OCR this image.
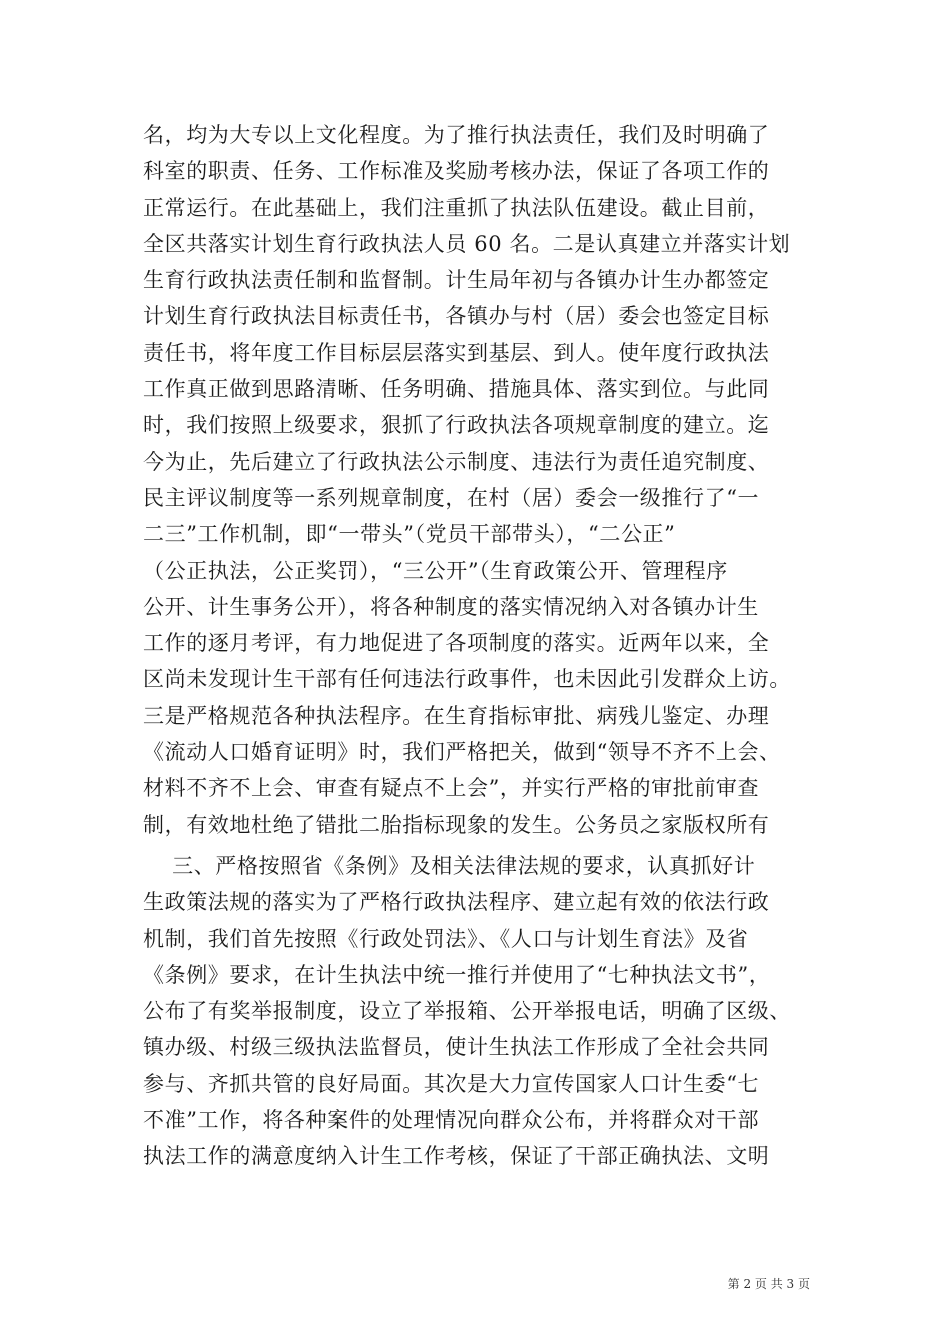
名，均为大专以上文化程度。为了推行执法责任，我们及时明确了
科室的职责、任务、工作标准及奖励考核办法，保证了各项工作的
正常运行。在此基础上，我们注重抓了执法队伍建设。截止目前，
全区共落实计划生育行政执法人员 60 名。二是认真建立并落实计划
生育行政执法责任制和监督制。计生局年初与各镇办计生办都签定
计划生育行政执法目标责任书，各镇办与村（居）委会也签定目标
责任书，将年度工作目标层层落实到基层、到人。使年度行政执法
工作真正做到思路清晰、任务明确、措施具体、落实到位。与此同
时，我们按照上级要求，狠抓了行政执法各项规章制度的建立。迄
今为止，先后建立了行政执法公示制度、违法行为责任追究制度、
民主评议制度等一系列规章制度，在村（居）委会一级推行了“一
二三”工作机制，即“一带头”（党员干部带头），“二公正”
（公正执法，公正奖罚），“三公开”（生育政策公开、管理程序
公开、计生事务公开），将各种制度的落实情况纳入对各镇办计生
工作的逐月考评，有力地促进了各项制度的落实。近两年以来，全
区尚未发现计生干部有任何违法行政事件，也未因此引发群众上访。
三是严格规范各种执法程序。在生育指标审批、病残儿鉴定、办理
《流动人口婚育证明》时，我们严格把关，做到“领导不齐不上会、
材料不齐不上会、审查有疑点不上会”，并实行严格的审批前审查
制，有效地杜绝了错批二胎指标现象的发生。公务员之家版权所有
三、严格按照省《条例》及相关法律法规的要求，认真抓好计
生政策法规的落实为了严格行政执法程序、建立起有效的依法行政
机制，我们首先按照《行政处罚法》、《人口与计划生育法》及省
《条例》要求，在计生执法中统一推行并使用了“七种执法文书”，
公布了有奖举报制度，设立了举报箱、公开举报电话，明确了区级、
镇办级、村级三级执法监督员，使计生执法工作形成了全社会共同
参与、齐抓共管的良好局面。其次是大力宣传国家人口计生委“七
不准”工作，将各种案件的处理情况向群众公布，并将群众对干部
执法工作的满意度纳入计生工作考核，保证了干部正确执法、文明
第 2 页 共 3 页
